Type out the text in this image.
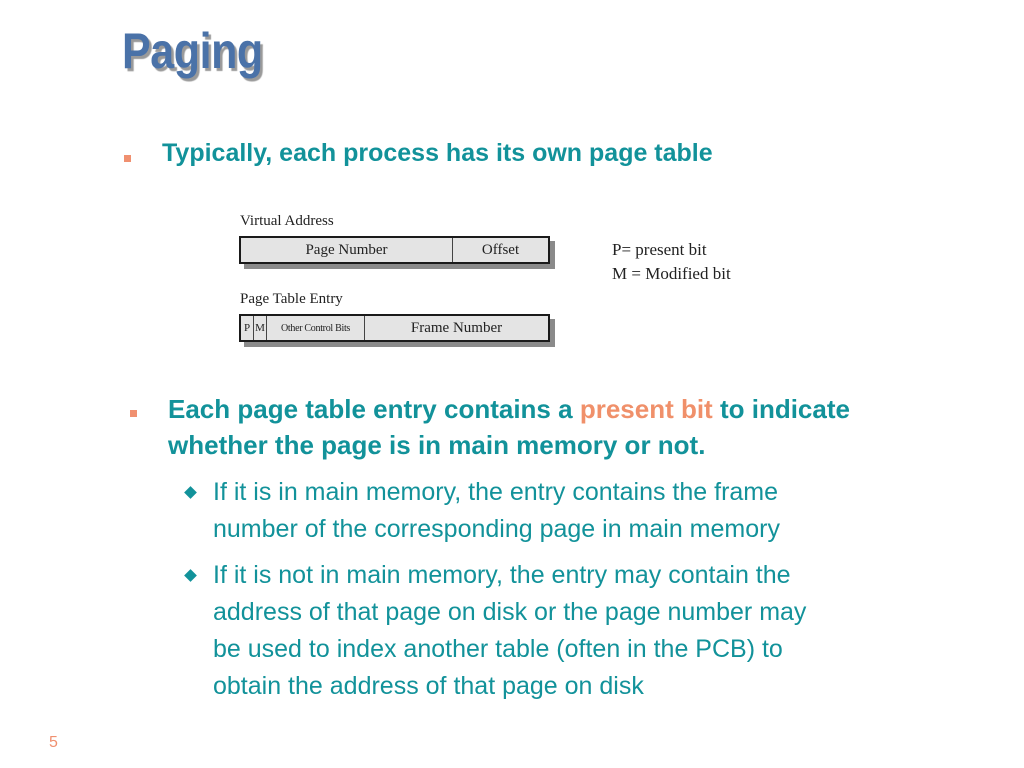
Paging
Typically, each process has its own page table
Virtual Address
Page Number	Offset
Page Table Entry
P M	Other Control Bits	Frame Number
P= present bit
M = Modified bit
Each page table entry contains a present bit to indicate
whether the page is in main memory or not.
If it is in main memory, the entry contains the frame
number of the corresponding page in main memory
If it is not in main memory, the entry may contain the
address of that page on disk or the page number may
be used to index another table (often in the PCB) to
obtain the address of that page on disk
5
